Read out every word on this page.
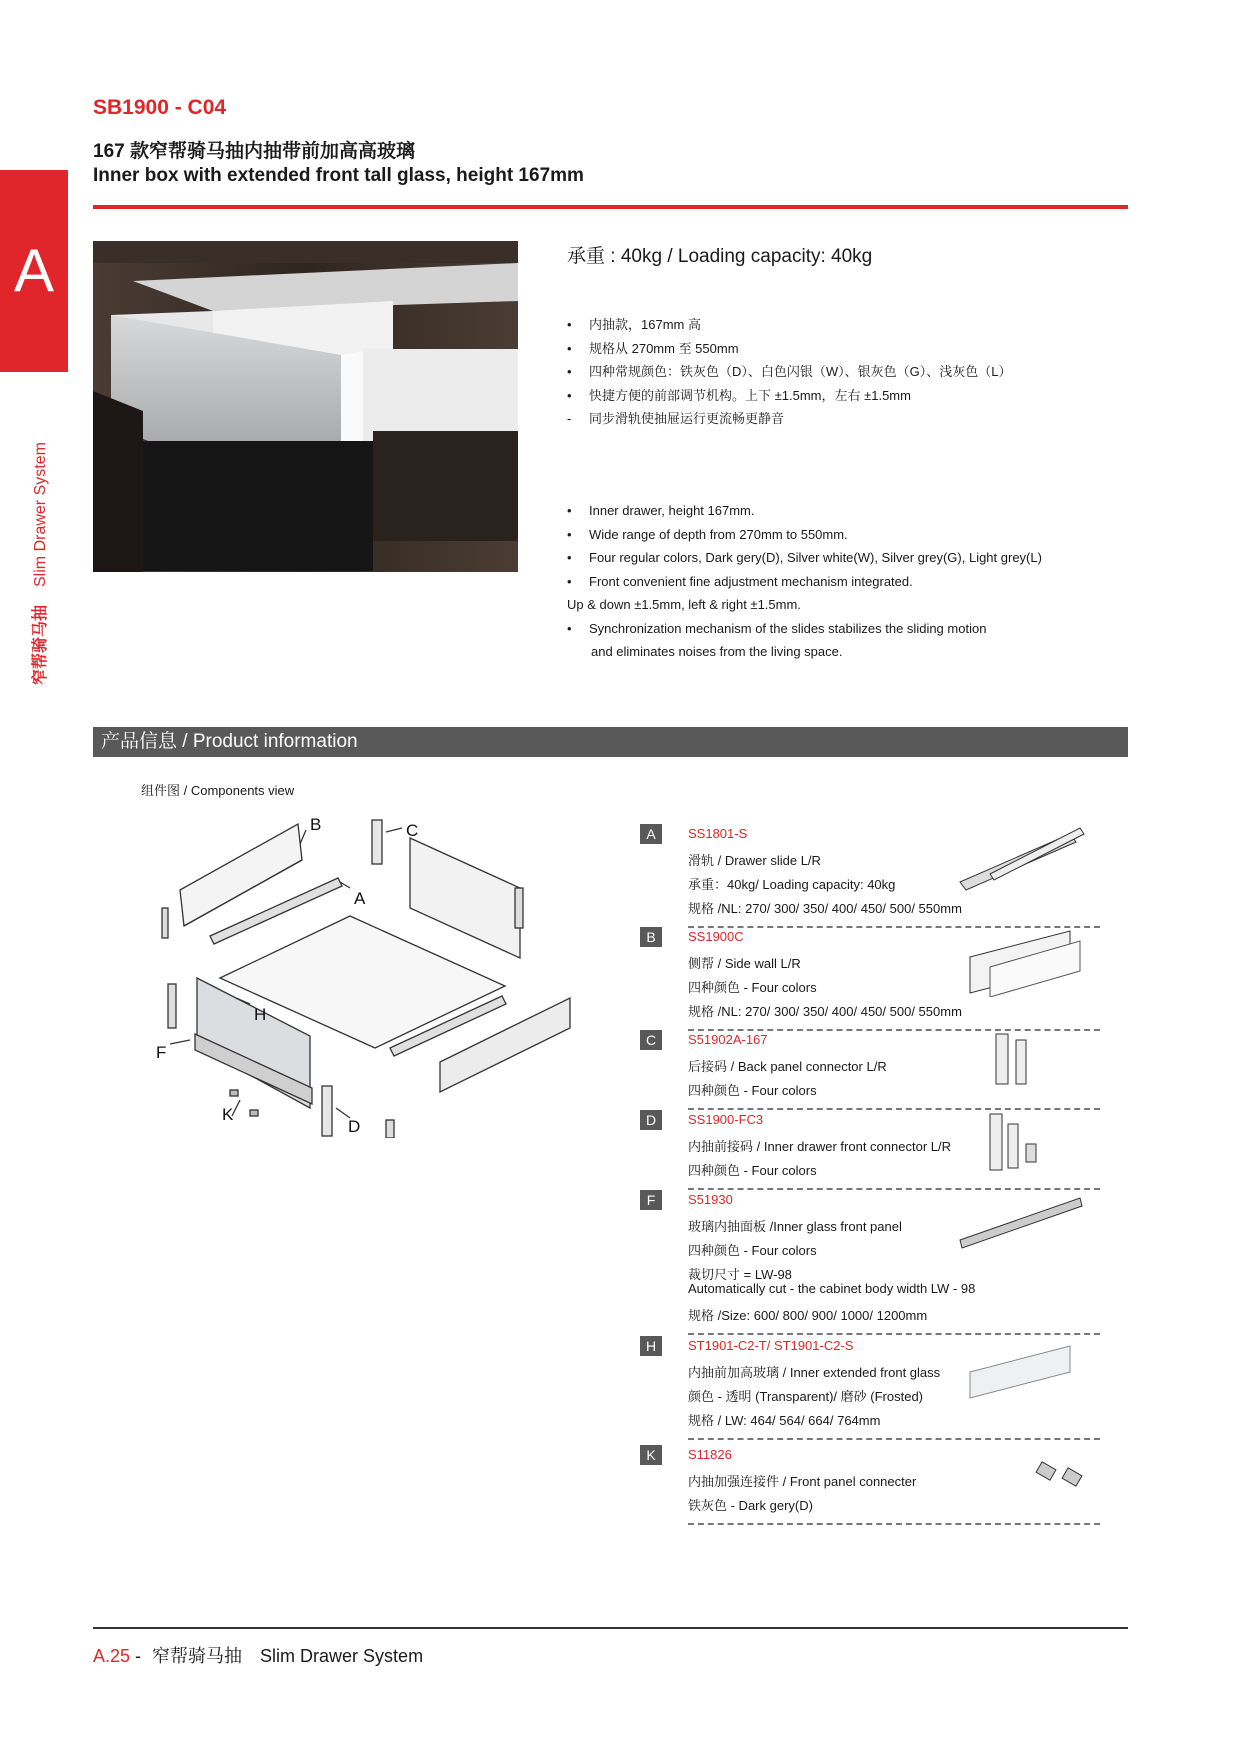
A
窄帮骑马抽Slim Drawer System
SB1900 - C04
167 款窄帮骑马抽内抽带前加高高玻璃
Inner box with extended front tall glass, height 167mm
承重 : 40kg / Loading capacity: 40kg
• 内抽款，167mm 高
• 规格从 270mm 至 550mm
• 四种常规颜色：铁灰色（D）、白色闪银（W）、银灰色（G）、浅灰色（L）
• 快捷方便的前部调节机构。上下 ±1.5mm，左右 ±1.5mm
- 同步滑轨使抽屉运行更流畅更静音
• Inner drawer, height 167mm.
• Wide range of depth from 270mm to 550mm.
• Four regular colors, Dark gery(D), Silver white(W), Silver grey(G), Light grey(L)
• Front convenient fine adjustment mechanism integrated.
Up & down ±1.5mm, left & right ±1.5mm.
• Synchronization mechanism of the slides stabilizes the sliding motion
and eliminates noises from the living space.
产品信息 / Product information
组件图 / Components view
B	C
A
H
F
K
D
A	SS1801-S
滑轨 / Drawer slide L/R
承重：40kg/ Loading capacity: 40kg
规格 /NL: 270/ 300/ 350/ 400/ 450/ 500/ 550mm
B	SS1900C
侧帮 / Side wall L/R
四种颜色 - Four colors
规格 /NL: 270/ 300/ 350/ 400/ 450/ 500/ 550mm
C	S51902A-167
后接码 / Back panel connector L/R
四种颜色 - Four colors
D	SS1900-FC3
内抽前接码 / Inner drawer front connector L/R
四种颜色 - Four colors
F	S51930
玻璃内抽面板 /Inner glass front panel
四种颜色 - Four colors
裁切尺寸 = LW-98
Automatically cut - the cabinet body width LW - 98
规格 /Size: 600/ 800/ 900/ 1000/ 1200mm
H	ST1901-C2-T/ ST1901-C2-S
内抽前加高玻璃 / Inner extended front glass
颜色 - 透明 (Transparent)/ 磨砂 (Frosted)
规格 / LW: 464/ 564/ 664/ 764mm
K	S11826
内抽加强连接件 / Front panel connecter
铁灰色 - Dark gery(D)
A.25 - 窄帮骑马抽 Slim Drawer System
